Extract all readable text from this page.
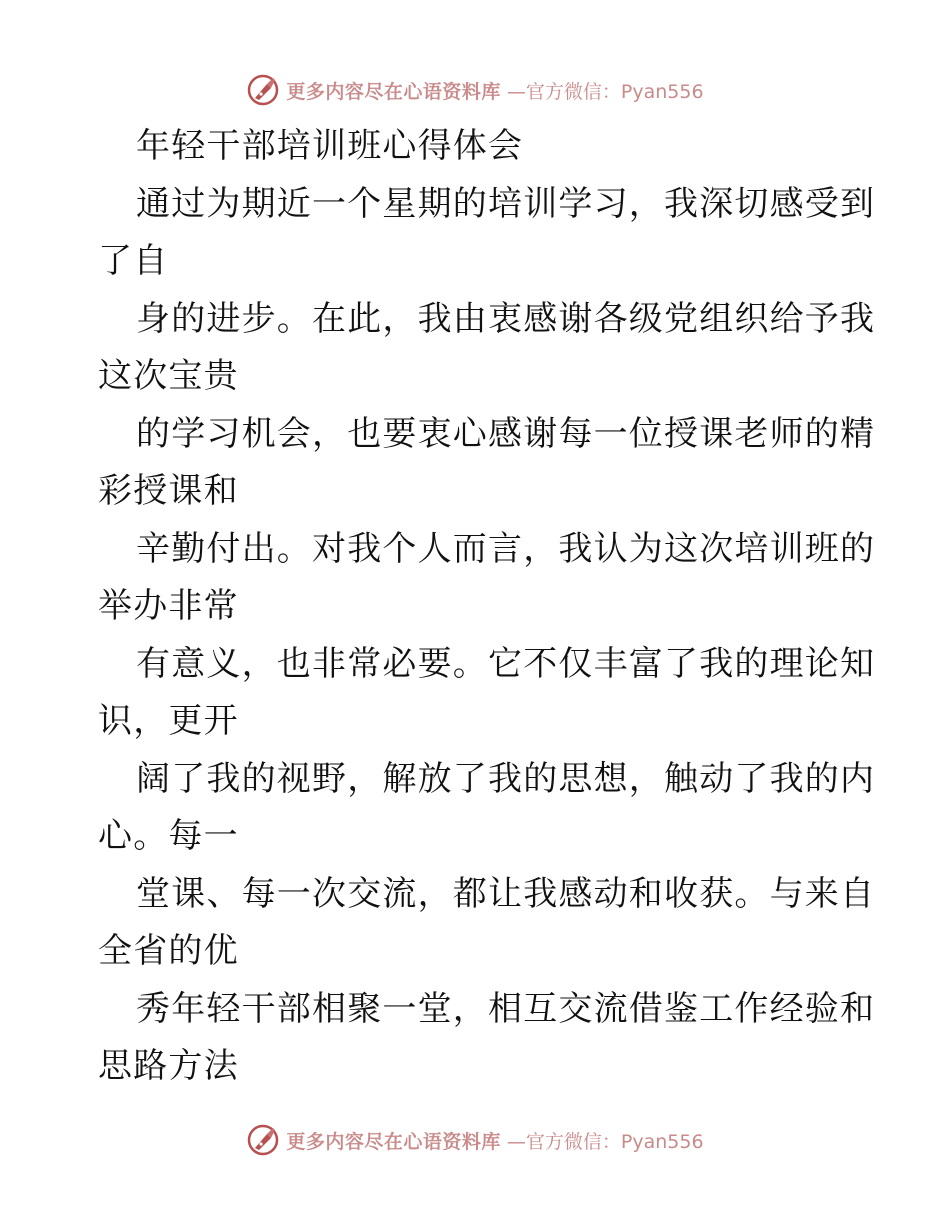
更多内容尽在心语资料库 —官方微信：Pyan556
年轻干部培训班心得体会
通过为期近一个星期的培训学习，我深切感受到
了自
身的进步。在此，我由衷感谢各级党组织给予我
这次宝贵
的学习机会，也要衷心感谢每一位授课老师的精
彩授课和
辛勤付出。对我个人而言，我认为这次培训班的
举办非常
有意义，也非常必要。它不仅丰富了我的理论知
识，更开
阔了我的视野，解放了我的思想，触动了我的内
心。每一
堂课、每一次交流，都让我感动和收获。与来自
全省的优
秀年轻干部相聚一堂，相互交流借鉴工作经验和
思路方法
更多内容尽在心语资料库 —官方微信：Pyan556
